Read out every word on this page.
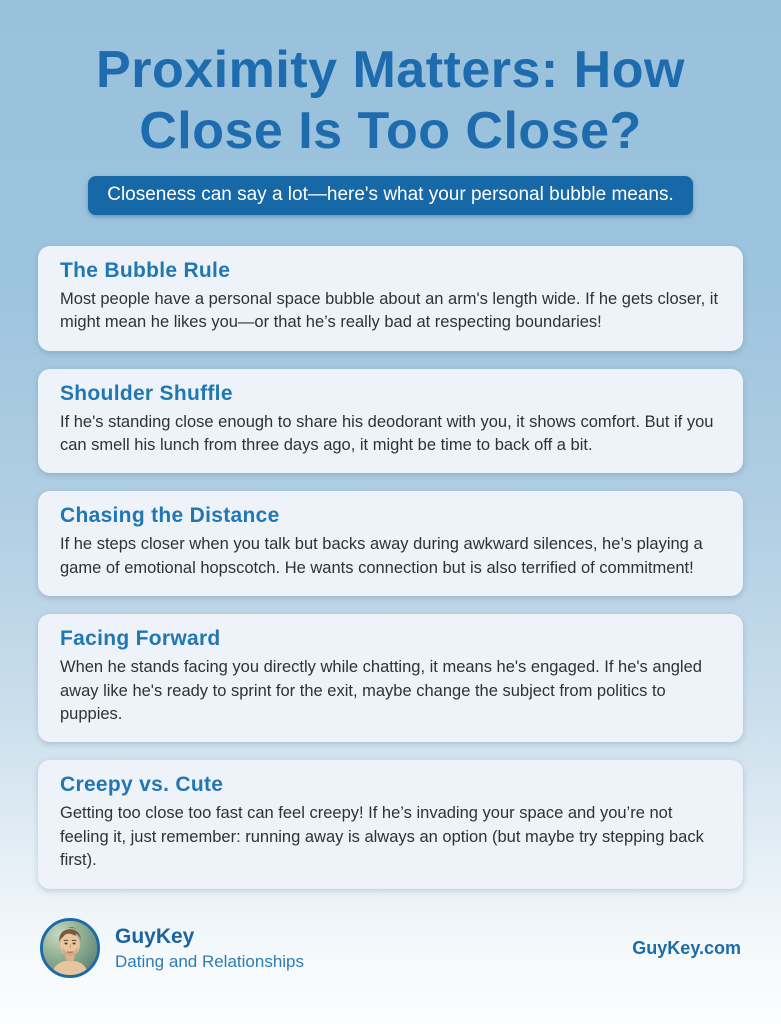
Proximity Matters: How
Close Is Too Close?
Closeness can say a lot—here's what your personal bubble means.
The Bubble Rule
Most people have a personal space bubble about an arm's length wide. If he gets closer, it might mean he likes you—or that he’s really bad at respecting boundaries!
Shoulder Shuffle
If he's standing close enough to share his deodorant with you, it shows comfort. But if you can smell his lunch from three days ago, it might be time to back off a bit.
Chasing the Distance
If he steps closer when you talk but backs away during awkward silences, he’s playing a game of emotional hopscotch. He wants connection but is also terrified of commitment!
Facing Forward
When he stands facing you directly while chatting, it means he's engaged. If he's angled away like he's ready to sprint for the exit, maybe change the subject from politics to puppies.
Creepy vs. Cute
Getting too close too fast can feel creepy! If he’s invading your space and you’re not feeling it, just remember: running away is always an option (but maybe try stepping back first).
GuyKey
Dating and Relationships
GuyKey.com
